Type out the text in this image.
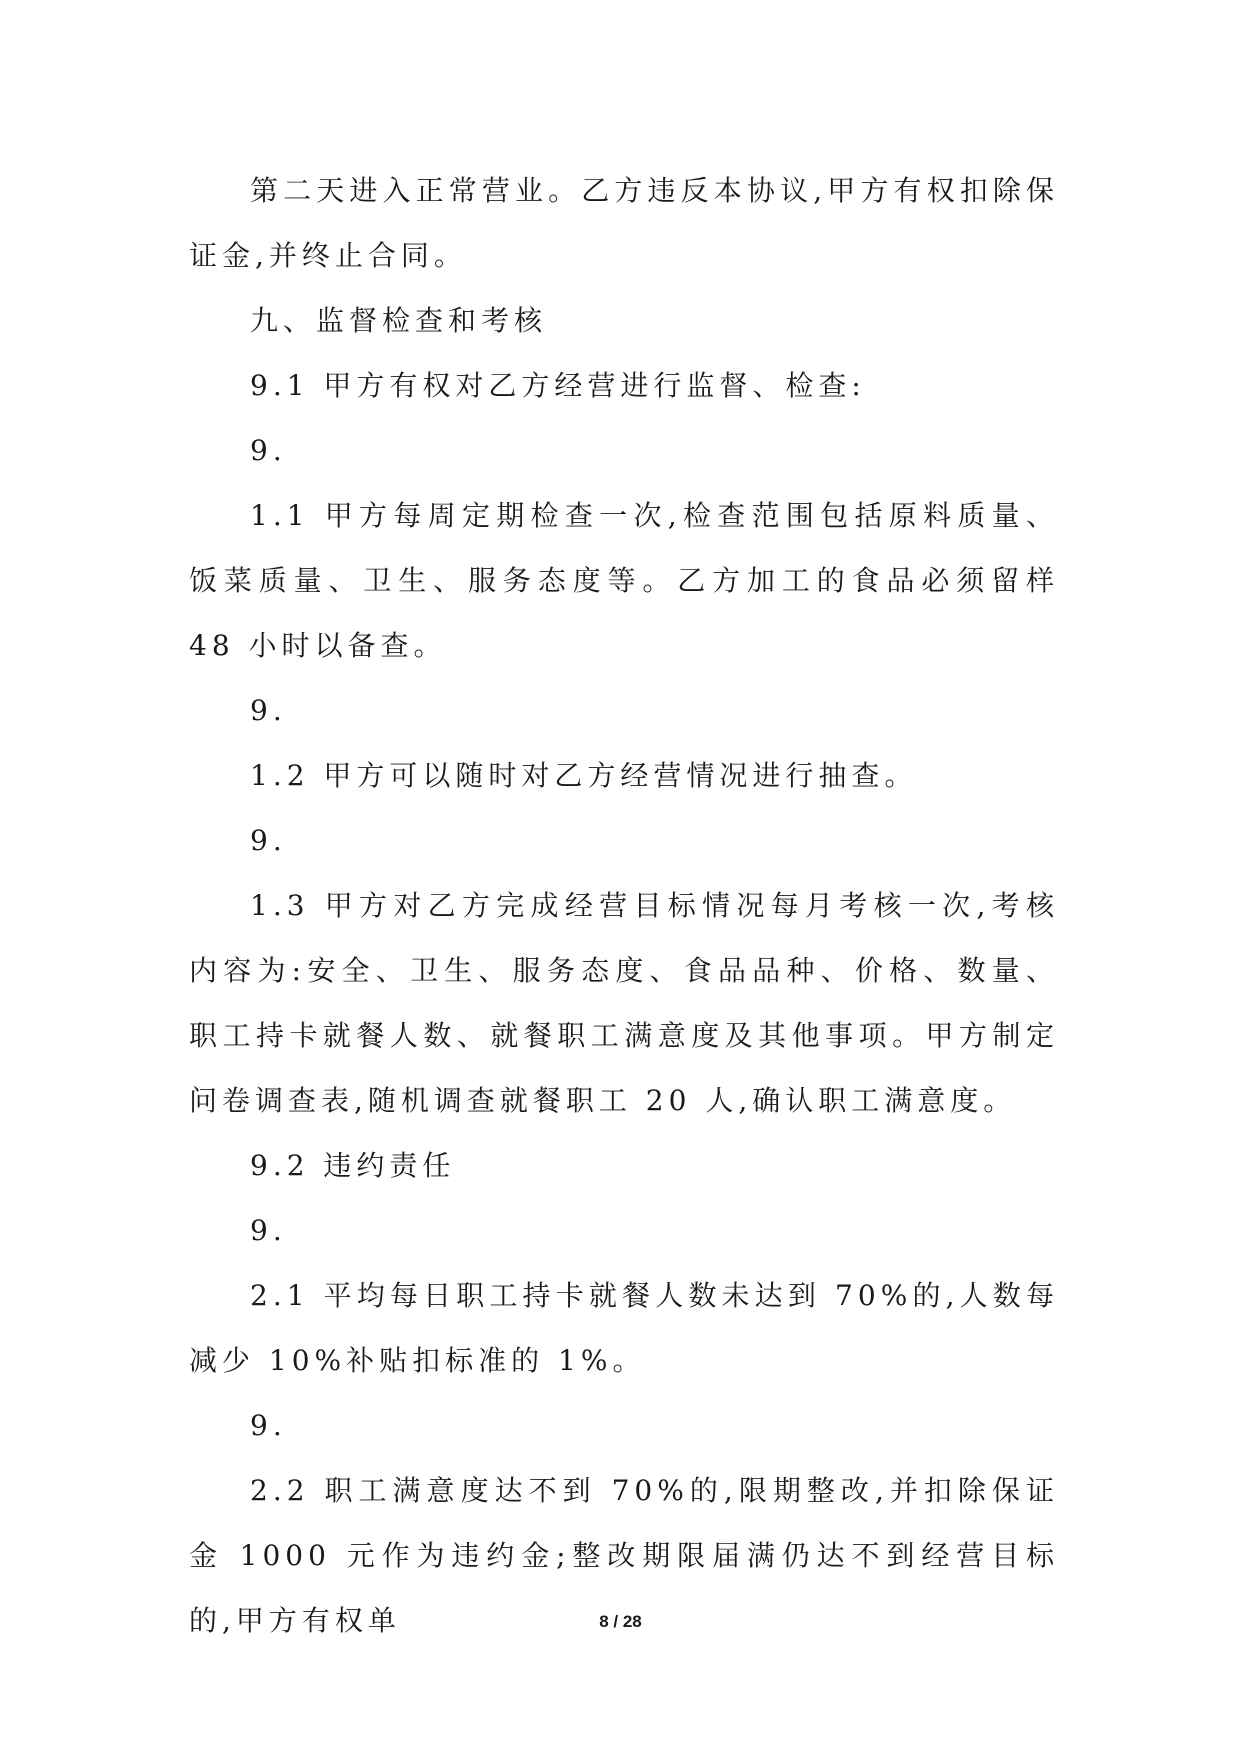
第二天进入正常营业。乙方违反本协议,甲方有权扣除保证金,并终止合同。

九、监督检查和考核

9.1 甲方有权对乙方经营进行监督、检查:

9.

1.1 甲方每周定期检查一次,检查范围包括原料质量、饭菜质量、卫生、服务态度等。乙方加工的食品必须留样 48 小时以备查。

9.

1.2 甲方可以随时对乙方经营情况进行抽查。

9.

1.3 甲方对乙方完成经营目标情况每月考核一次,考核内容为:安全、卫生、服务态度、食品品种、价格、数量、职工持卡就餐人数、就餐职工满意度及其他事项。甲方制定问卷调查表,随机调查就餐职工 20 人,确认职工满意度。

9.2 违约责任

9.

2.1 平均每日职工持卡就餐人数未达到 70%的,人数每减少 10%补贴扣标准的 1%。

9.

2.2 职工满意度达不到 70%的,限期整改,并扣除保证金 1000 元作为违约金;整改期限届满仍达不到经营目标的,甲方有权单	8 / 28
